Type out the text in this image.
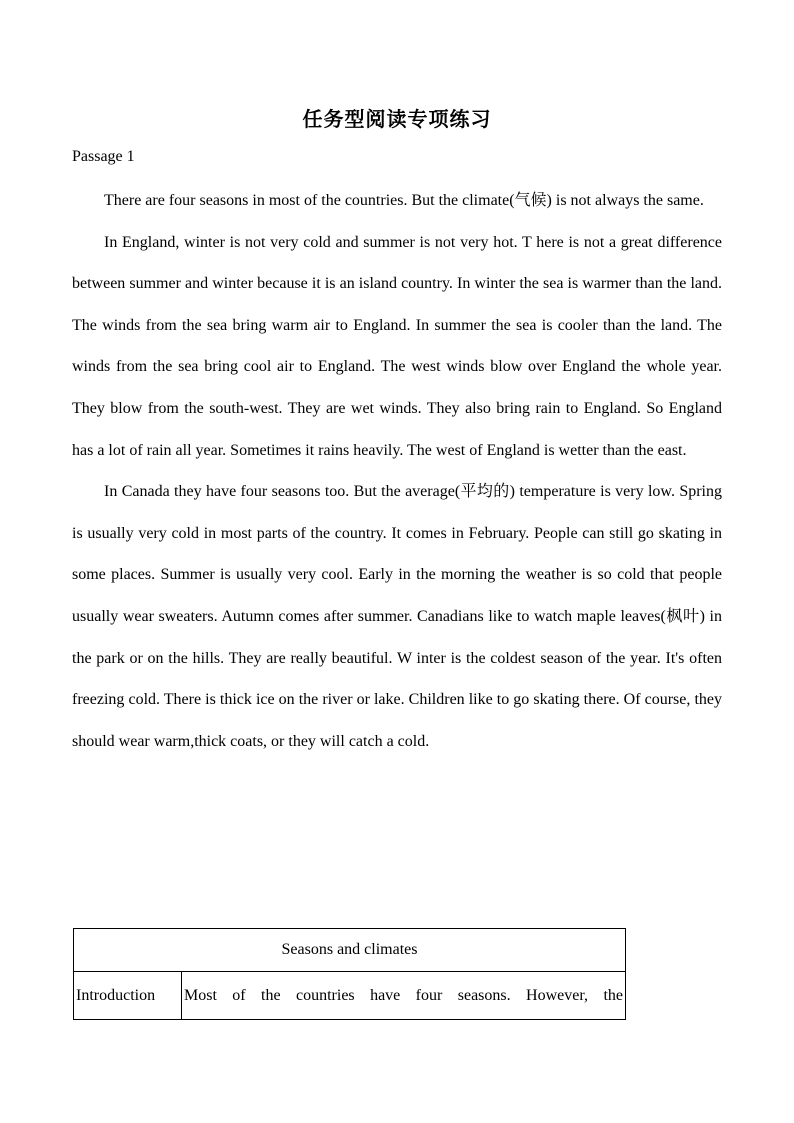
任务型阅读专项练习
Passage 1

There are four seasons in most of the countries. But the climate(气候) is not always the same.

In England, winter is not very cold and summer is not very hot. T here is not a great difference between summer and winter because it is an island country. In winter the sea is warmer than the land. The winds from the sea bring warm air to England. In summer the sea is cooler than the land. The winds from the sea bring cool air to England. The west winds blow over England the whole year. They blow from the south-west. They are wet winds. They also bring rain to England. So England has a lot of rain all year. Sometimes it rains heavily. The west of England is wetter than the east.

In Canada they have four seasons too. But the average(平均的) temperature is very low. Spring is usually very cold in most parts of the country. It comes in February. People can still go skating in some places. Summer is usually very cool. Early in the morning the weather is so cold that people usually wear sweaters. Autumn comes after summer. Canadians like to watch maple leaves(枫叶) in the park or on the hills. They are really beautiful. W inter is the coldest season of the year. It's often freezing cold. There is thick ice on the river or lake. Children like to go skating there. Of course, they should wear warm,thick coats, or they will catch a cold.

Seasons and climates
Introduction	Most of the countries have four seasons. However, the
